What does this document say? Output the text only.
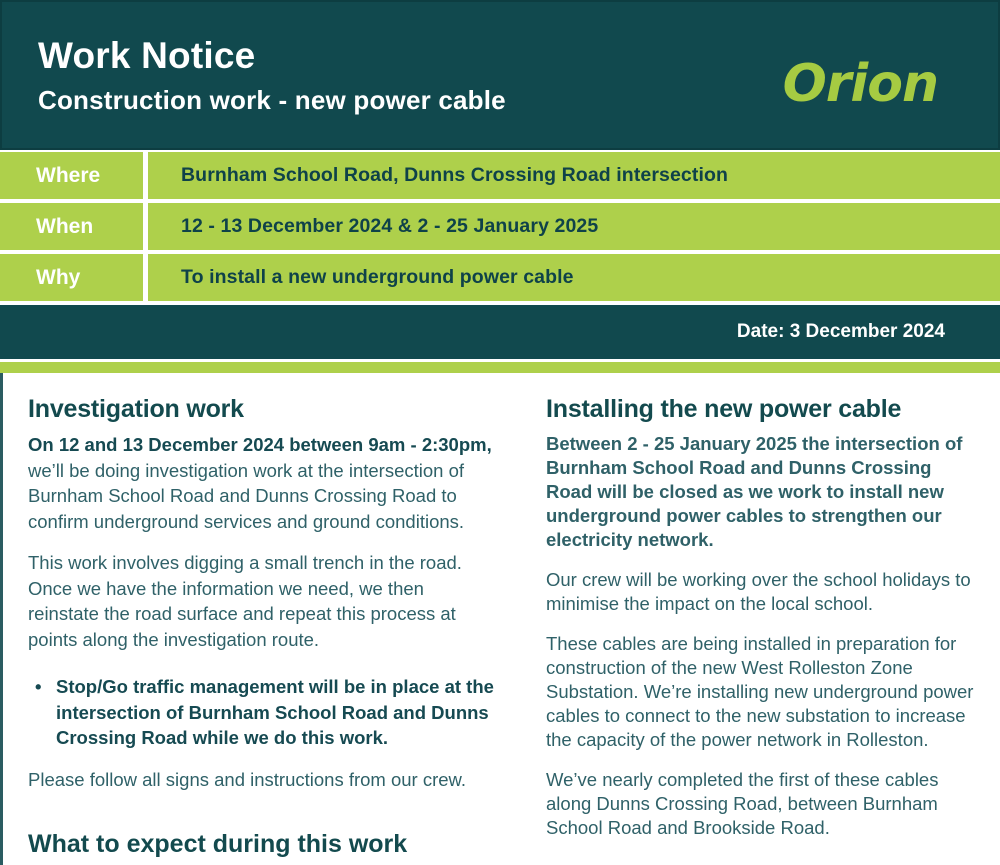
Work Notice
Construction work - new power cable	Orion
Where	Burnham School Road, Dunns Crossing Road intersection
When	12 - 13 December 2024 & 2 - 25 January 2025
Why	To install a new underground power cable
Date: 3 December 2024
Investigation work

On 12 and 13 December 2024 between 9am - 2:30pm, we’ll be doing investigation work at the intersection of Burnham School Road and Dunns Crossing Road to confirm underground services and ground conditions.

This work involves digging a small trench in the road. Once we have the information we need, we then reinstate the road surface and repeat this process at points along the investigation route.

• Stop/Go traffic management will be in place at the intersection of Burnham School Road and Dunns Crossing Road while we do this work.

Please follow all signs and instructions from our crew.

What to expect during this work
Installing the new power cable

Between 2 - 25 January 2025 the intersection of Burnham School Road and Dunns Crossing Road will be closed as we work to install new underground power cables to strengthen our electricity network.

Our crew will be working over the school holidays to minimise the impact on the local school.

These cables are being installed in preparation for construction of the new West Rolleston Zone Substation. We’re installing new underground power cables to connect to the new substation to increase the capacity of the power network in Rolleston.

We’ve nearly completed the first of these cables along Dunns Crossing Road, between Burnham School Road and Brookside Road.
